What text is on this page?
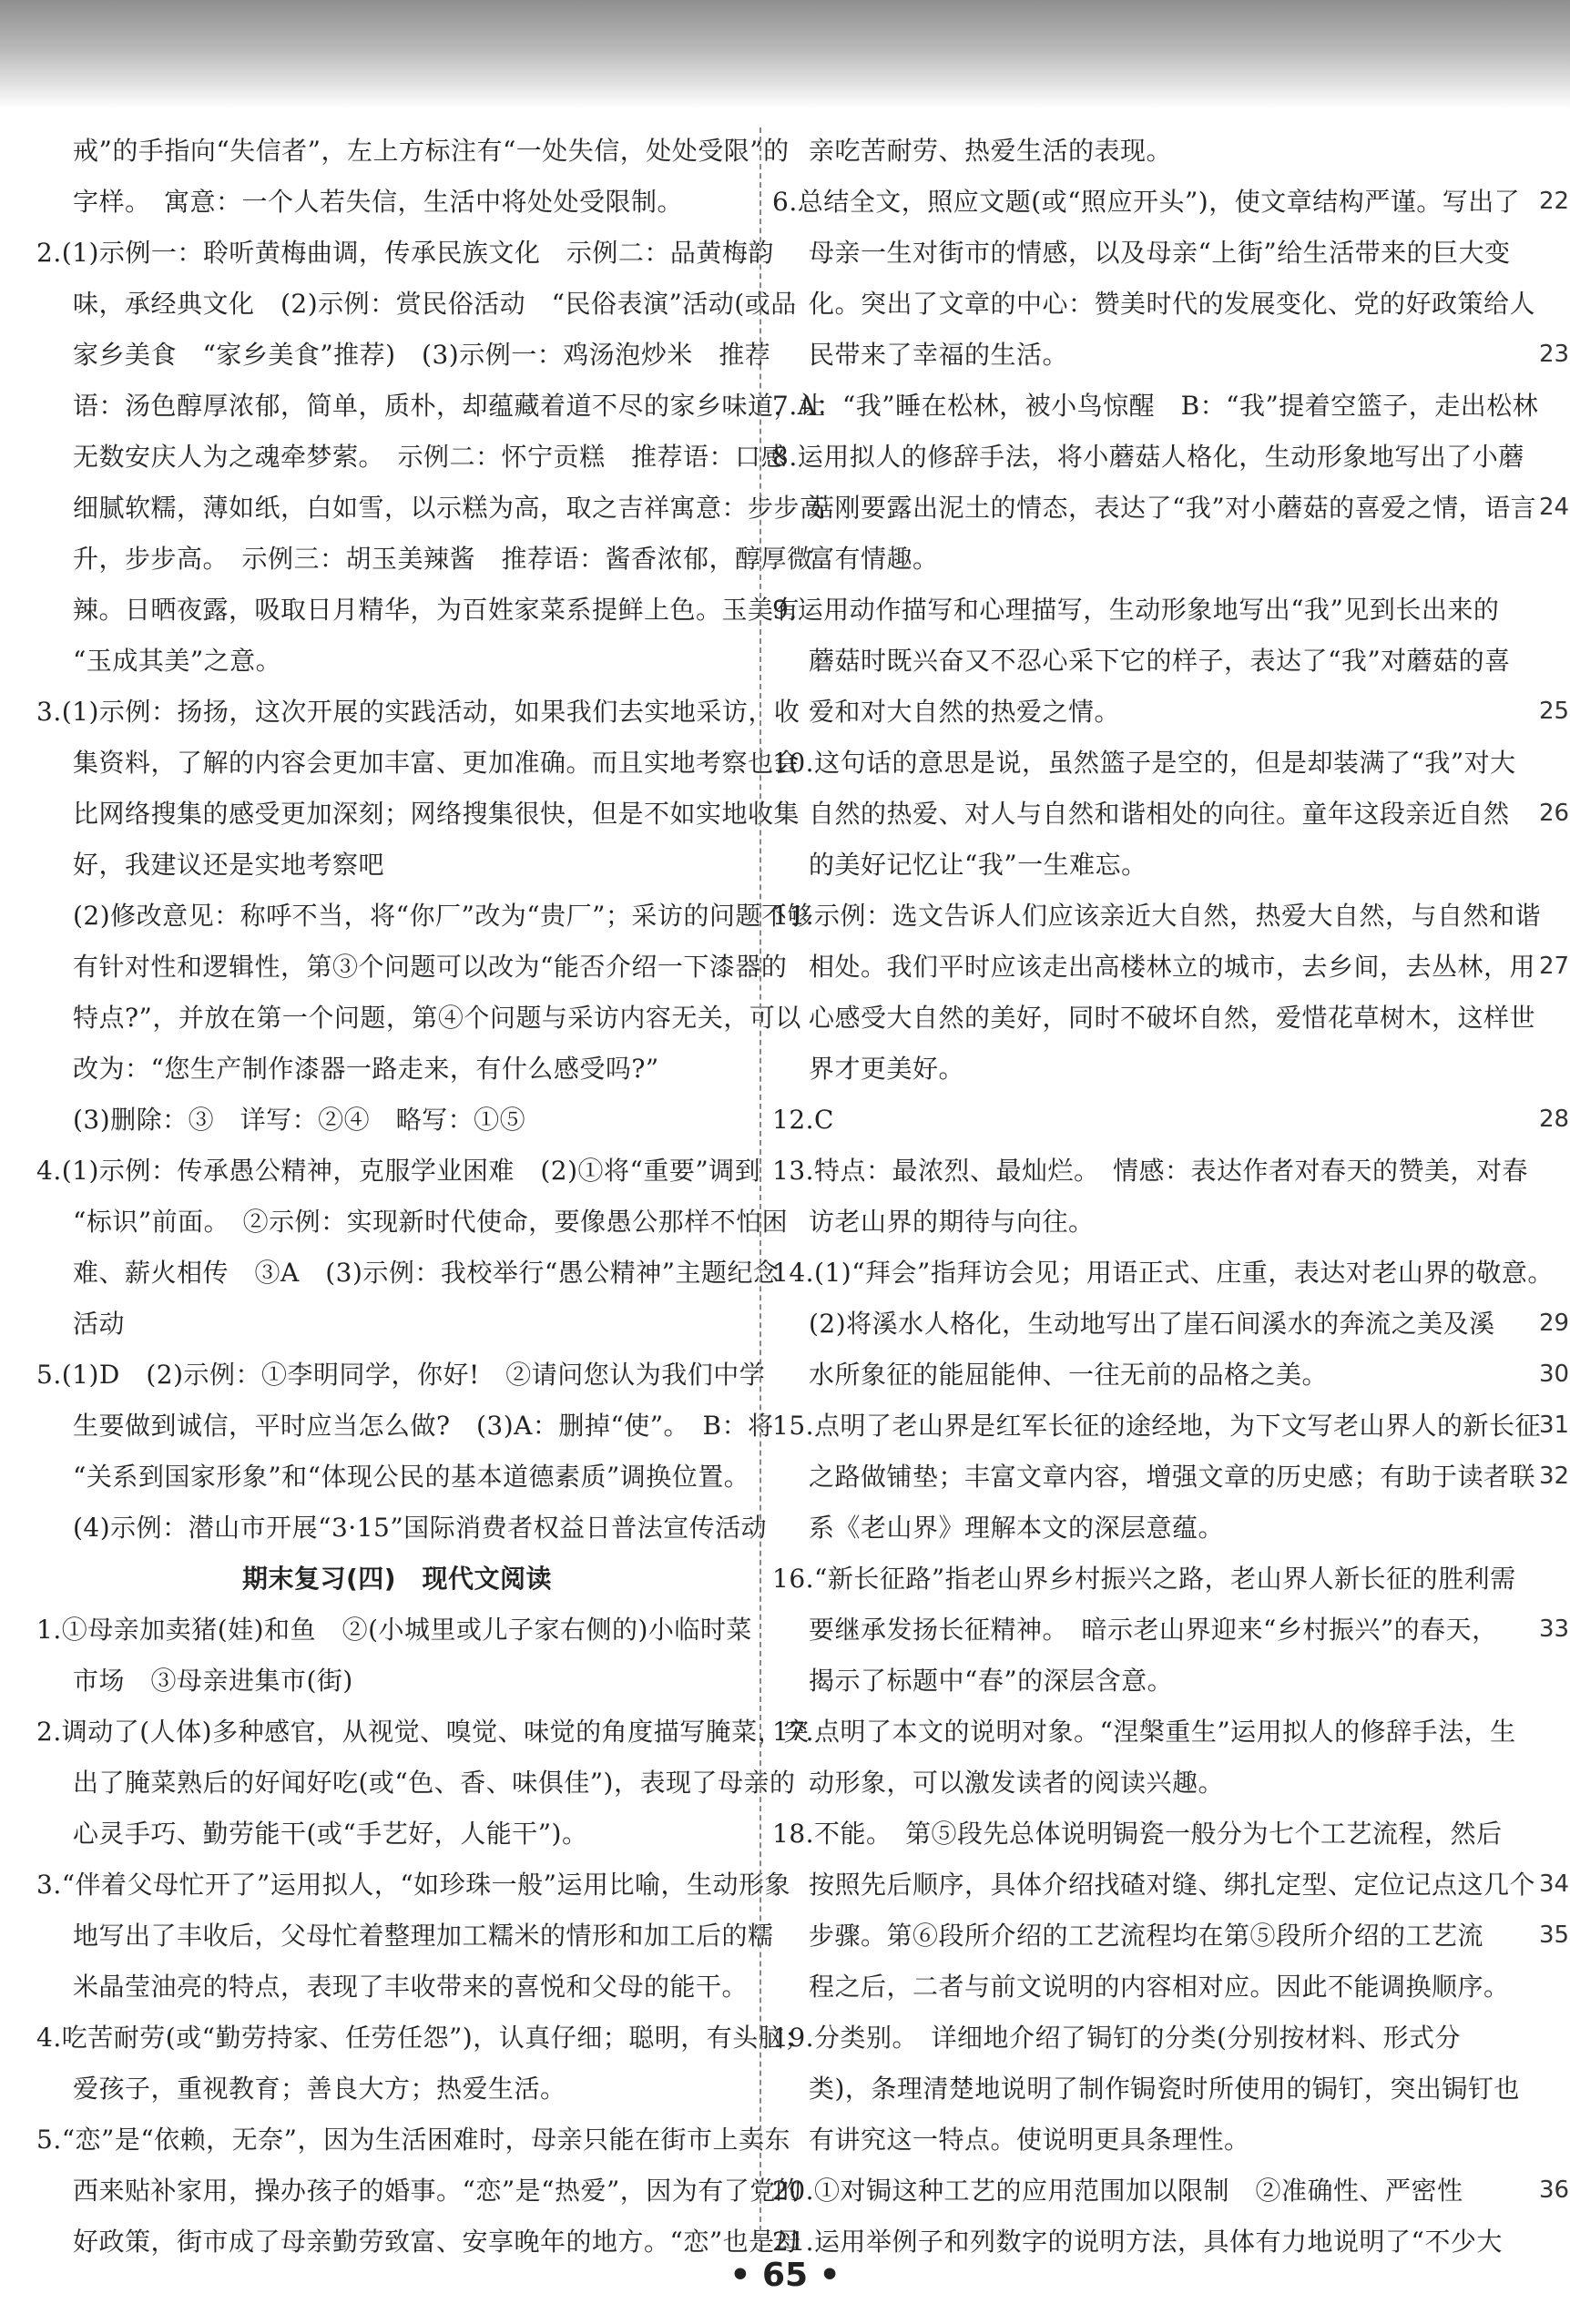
戒”的手指向“失信者”，左上方标注有“一处失信，处处受限”的
字样。　寓意：一个人若失信，生活中将处处受限制。
2.(1)示例一：聆听黄梅曲调，传承民族文化　示例二：品黄梅韵
味，承经典文化　(2)示例：赏民俗活动　“民俗表演”活动(或品
家乡美食　“家乡美食”推荐)　(3)示例一：鸡汤泡炒米　推荐
语：汤色醇厚浓郁，简单，质朴，却蕴藏着道不尽的家乡味道，让
无数安庆人为之魂牵梦萦。　示例二：怀宁贡糕　推荐语：口感
细腻软糯，薄如纸，白如雪，以示糕为高，取之吉祥寓意：步步高
升，步步高。　示例三：胡玉美辣酱　推荐语：酱香浓郁，醇厚微
辣。日晒夜露，吸取日月精华，为百姓家菜系提鲜上色。玉美有
“玉成其美”之意。
3.(1)示例：扬扬，这次开展的实践活动，如果我们去实地采访，收
集资料，了解的内容会更加丰富、更加准确。而且实地考察也会
比网络搜集的感受更加深刻；网络搜集很快，但是不如实地收集
好，我建议还是实地考察吧
(2)修改意见：称呼不当，将“你厂”改为“贵厂”；采访的问题不够
有针对性和逻辑性，第③个问题可以改为“能否介绍一下漆器的
特点?”，并放在第一个问题，第④个问题与采访内容无关，可以
改为：“您生产制作漆器一路走来，有什么感受吗?”
(3)删除：③　详写：②④　略写：①⑤
4.(1)示例：传承愚公精神，克服学业困难　(2)①将“重要”调到
“标识”前面。　②示例：实现新时代使命，要像愚公那样不怕困
难、薪火相传　③A　(3)示例：我校举行“愚公精神”主题纪念
活动
5.(1)D　(2)示例：①李明同学，你好!　②请问您认为我们中学
生要做到诚信，平时应当怎么做?　(3)A：删掉“使”。　B：将
“关系到国家形象”和“体现公民的基本道德素质”调换位置。
(4)示例：潜山市开展“3·15”国际消费者权益日普法宣传活动
期末复习(四)　现代文阅读
1.①母亲加卖猪(娃)和鱼　②(小城里或儿子家右侧的)小临时菜
市场　③母亲进集市(街)
2.调动了(人体)多种感官，从视觉、嗅觉、味觉的角度描写腌菜，突
出了腌菜熟后的好闻好吃(或“色、香、味俱佳”)，表现了母亲的
心灵手巧、勤劳能干(或“手艺好，人能干”)。
3.“伴着父母忙开了”运用拟人，“如珍珠一般”运用比喻，生动形象
地写出了丰收后，父母忙着整理加工糯米的情形和加工后的糯
米晶莹油亮的特点，表现了丰收带来的喜悦和父母的能干。
4.吃苦耐劳(或“勤劳持家、任劳任怨”)，认真仔细；聪明，有头脑；
爱孩子，重视教育；善良大方；热爱生活。
5.“恋”是“依赖，无奈”，因为生活困难时，母亲只能在街市上卖东
西来贴补家用，操办孩子的婚事。“恋”是“热爱”，因为有了党的
好政策，街市成了母亲勤劳致富、安享晚年的地方。“恋”也是母
亲吃苦耐劳、热爱生活的表现。
6.总结全文，照应文题(或“照应开头”)，使文章结构严谨。写出了
母亲一生对街市的情感，以及母亲“上街”给生活带来的巨大变
化。突出了文章的中心：赞美时代的发展变化、党的好政策给人
民带来了幸福的生活。
7.A：“我”睡在松林，被小鸟惊醒　B：“我”提着空篮子，走出松林
8.运用拟人的修辞手法，将小蘑菇人格化，生动形象地写出了小蘑
菇刚要露出泥土的情态，表达了“我”对小蘑菇的喜爱之情，语言
富有情趣。
9.运用动作描写和心理描写，生动形象地写出“我”见到长出来的
蘑菇时既兴奋又不忍心采下它的样子，表达了“我”对蘑菇的喜
爱和对大自然的热爱之情。
10.这句话的意思是说，虽然篮子是空的，但是却装满了“我”对大
自然的热爱、对人与自然和谐相处的向往。童年这段亲近自然
的美好记忆让“我”一生难忘。
11.示例：选文告诉人们应该亲近大自然，热爱大自然，与自然和谐
相处。我们平时应该走出高楼林立的城市，去乡间，去丛林，用
心感受大自然的美好，同时不破坏自然，爱惜花草树木，这样世
界才更美好。
12.C
13.特点：最浓烈、最灿烂。　情感：表达作者对春天的赞美，对春
访老山界的期待与向往。
14.(1)“拜会”指拜访会见；用语正式、庄重，表达对老山界的敬意。
(2)将溪水人格化，生动地写出了崖石间溪水的奔流之美及溪
水所象征的能屈能伸、一往无前的品格之美。
15.点明了老山界是红军长征的途经地，为下文写老山界人的新长征
之路做铺垫；丰富文章内容，增强文章的历史感；有助于读者联
系《老山界》理解本文的深层意蕴。
16.“新长征路”指老山界乡村振兴之路，老山界人新长征的胜利需
要继承发扬长征精神。　暗示老山界迎来“乡村振兴”的春天，
揭示了标题中“春”的深层含意。
17.点明了本文的说明对象。“涅槃重生”运用拟人的修辞手法，生
动形象，可以激发读者的阅读兴趣。
18.不能。　第⑤段先总体说明锔瓷一般分为七个工艺流程，然后
按照先后顺序，具体介绍找碴对缝、绑扎定型、定位记点这几个
步骤。第⑥段所介绍的工艺流程均在第⑤段所介绍的工艺流
程之后，二者与前文说明的内容相对应。因此不能调换顺序。
19.分类别。　详细地介绍了锔钉的分类(分别按材料、形式分
类)，条理清楚地说明了制作锔瓷时所使用的锔钉，突出锔钉也
有讲究这一特点。使说明更具条理性。
20.①对锔这种工艺的应用范围加以限制　②准确性、严密性
21.运用举例子和列数字的说明方法，具体有力地说明了“不少大
22
23
24
25
26
27
28
29
30
31
32
33
34
35
36
• 65 •
